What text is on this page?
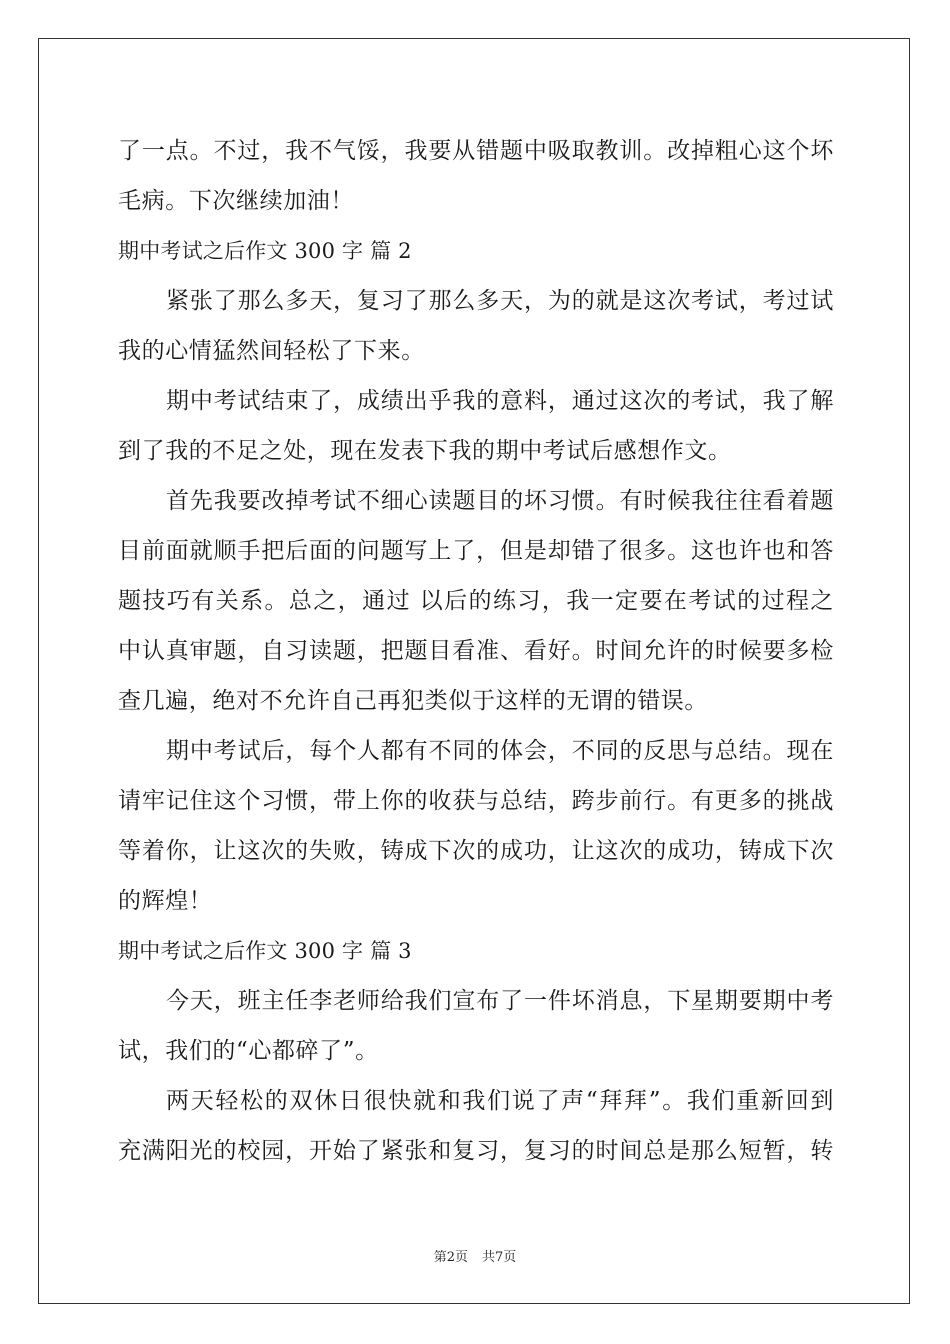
了一点。不过，我不气馁，我要从错题中吸取教训。改掉粗心这个坏
毛病。下次继续加油！
期中考试之后作文 300 字 篇 2
紧张了那么多天，复习了那么多天，为的就是这次考试，考过试
我的心情猛然间轻松了下来。
期中考试结束了，成绩出乎我的意料，通过这次的考试，我了解
到了我的不足之处，现在发表下我的期中考试后感想作文。
首先我要改掉考试不细心读题目的坏习惯。有时候我往往看着题
目前面就顺手把后面的问题写上了，但是却错了很多。这也许也和答
题技巧有关系。总之，通过 以后的练习，我一定要在考试的过程之
中认真审题，自习读题，把题目看准、看好。时间允许的时候要多检
查几遍，绝对不允许自己再犯类似于这样的无谓的错误。
期中考试后，每个人都有不同的体会，不同的反思与总结。现在
请牢记住这个习惯，带上你的收获与总结，跨步前行。有更多的挑战
等着你，让这次的失败，铸成下次的成功，让这次的成功，铸成下次
的辉煌！
期中考试之后作文 300 字 篇 3
今天，班主任李老师给我们宣布了一件坏消息，下星期要期中考
试，我们的“心都碎了”。
两天轻松的双休日很快就和我们说了声“拜拜”。我们重新回到
充满阳光的校园，开始了紧张和复习，复习的时间总是那么短暂，转
第2页 共7页
